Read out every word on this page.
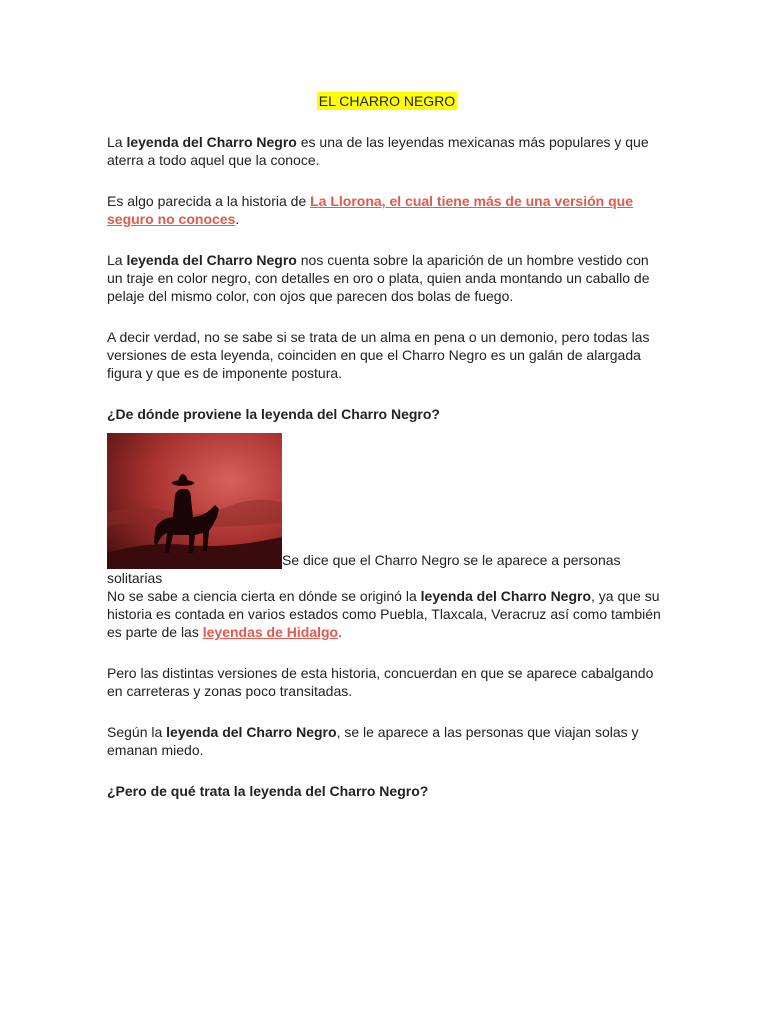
EL CHARRO NEGRO

La leyenda del Charro Negro es una de las leyendas mexicanas más populares y que aterra a todo aquel que la conoce.

Es algo parecida a la historia de La Llorona, el cual tiene más de una versión que seguro no conoces.

La leyenda del Charro Negro nos cuenta sobre la aparición de un hombre vestido con un traje en color negro, con detalles en oro o plata, quien anda montando un caballo de pelaje del mismo color, con ojos que parecen dos bolas de fuego.

A decir verdad, no se sabe si se trata de un alma en pena o un demonio, pero todas las versiones de esta leyenda, coinciden en que el Charro Negro es un galán de alargada figura y que es de imponente postura.

¿De dónde proviene la leyenda del Charro Negro?

Se dice que el Charro Negro se le aparece a personas solitarias

No se sabe a ciencia cierta en dónde se originó la leyenda del Charro Negro, ya que su historia es contada en varios estados como Puebla, Tlaxcala, Veracruz así como también es parte de las leyendas de Hidalgo.

Pero las distintas versiones de esta historia, concuerdan en que se aparece cabalgando en carreteras y zonas poco transitadas.

Según la leyenda del Charro Negro, se le aparece a las personas que viajan solas y emanan miedo.

¿Pero de qué trata la leyenda del Charro Negro?
